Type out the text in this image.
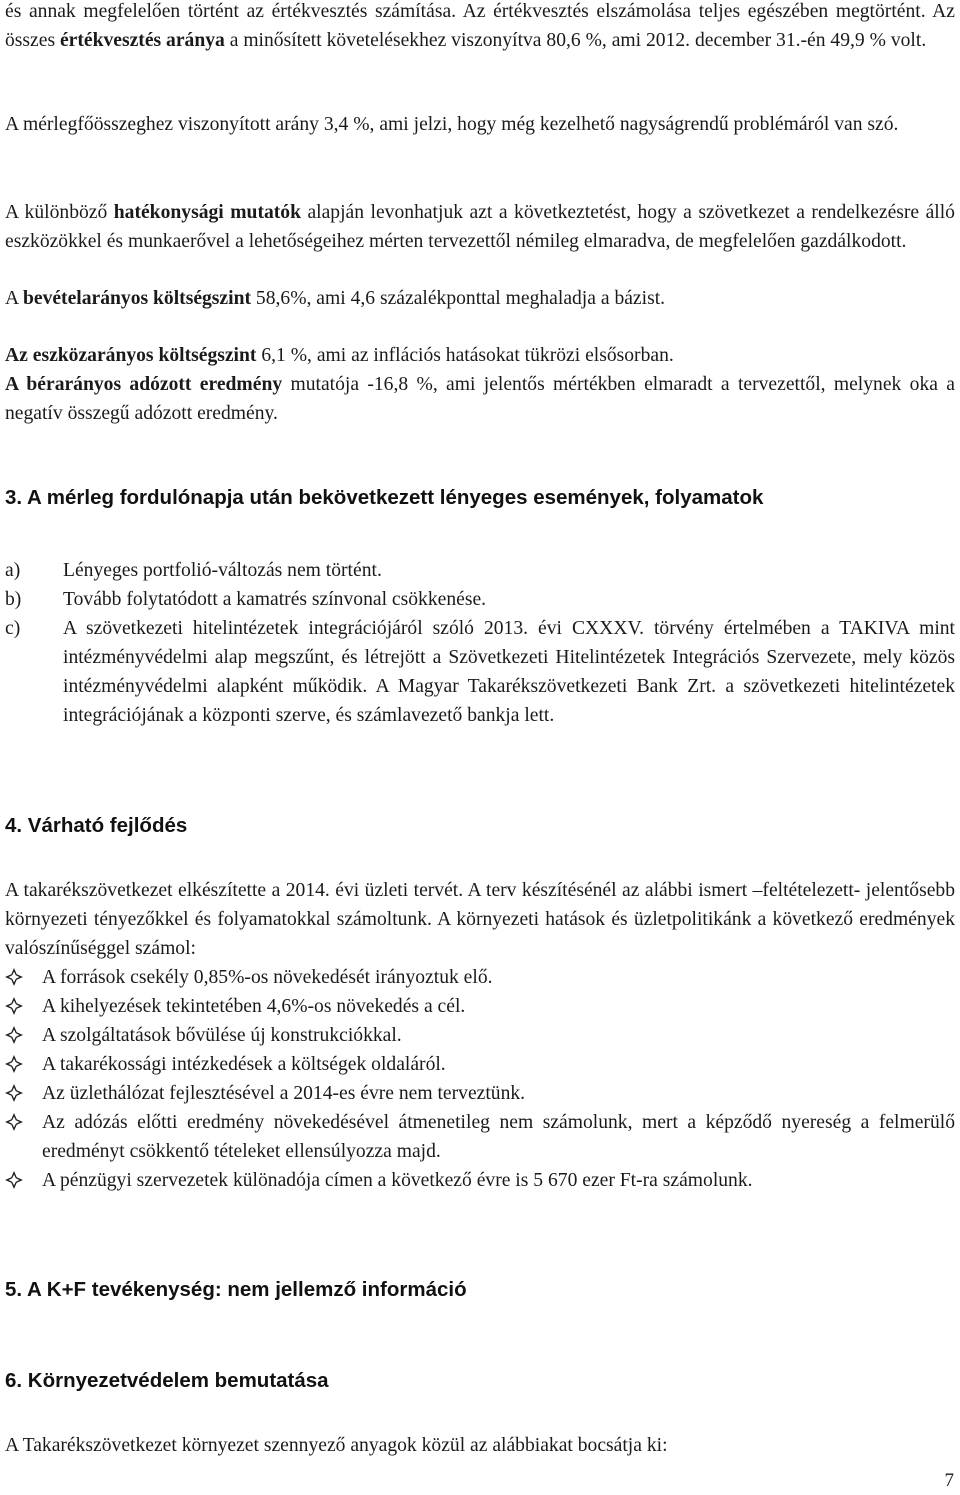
és annak megfelelően történt az értékvesztés számítása. Az értékvesztés elszámolása teljes egészében megtörtént. Az összes értékvesztés aránya a minősített követelésekhez viszonyítva 80,6 %, ami 2012. december 31.-én 49,9 % volt.

A mérlegfőösszeghez viszonyított arány 3,4 %, ami jelzi, hogy még kezelhető nagyságrendű problémáról van szó.

A különböző hatékonysági mutatók alapján levonhatjuk azt a következtetést, hogy a szövetkezet a rendelkezésre álló eszközökkel és munkaerővel a lehetőségeihez mérten tervezettől némileg elmaradva, de megfelelően gazdálkodott.

A bevételarányos költségszint 58,6%, ami 4,6 százalékponttal meghaladja a bázist.

Az eszközarányos költségszint 6,1 %, ami az inflációs hatásokat tükrözi elsősorban.

A bérarányos adózott eredmény mutatója -16,8 %, ami jelentős mértékben elmaradt a tervezettől, melynek oka a negatív összegű adózott eredmény.

3. A mérleg fordulónapja után bekövetkezett lényeges események, folyamatok
a) Lényeges portfolió-változás nem történt.
b) Tovább folytatódott a kamatrés színvonal csökkenése.
c) A szövetkezeti hitelintézetek integrációjáról szóló 2013. évi CXXXV. törvény értelmében a TAKIVA mint intézményvédelmi alap megszűnt, és létrejött a Szövetkezeti Hitelintézetek Integrációs Szervezete, mely közös intézményvédelmi alapként működik. A Magyar Takarékszövetkezeti Bank Zrt. a szövetkezeti hitelintézetek integrációjának a központi szerve, és számlavezető bankja lett.
4. Várható fejlődés

A takarékszövetkezet elkészítette a 2014. évi üzleti tervét. A terv készítésénél az alábbi ismert –feltételezett- jelentősebb környezeti tényezőkkel és folyamatokkal számoltunk. A környezeti hatások és üzletpolitikánk a következő eredmények valószínűséggel számol:

A források csekély 0,85%-os növekedését irányoztuk elő.
A kihelyezések tekintetében 4,6%-os növekedés a cél.
A szolgáltatások bővülése új konstrukciókkal.
A takarékossági intézkedések a költségek oldaláról.
Az üzlethálózat fejlesztésével a 2014-es évre nem terveztünk.
Az adózás előtti eredmény növekedésével átmenetileg nem számolunk, mert a képződő nyereség a felmerülő eredményt csökkentő tételeket ellensúlyozza majd.
A pénzügyi szervezetek különadója címen a következő évre is 5 670 ezer Ft-ra számolunk.
5. A K+F tevékenység: nem jellemző információ
6. Környezetvédelem bemutatása

A Takarékszövetkezet környezet szennyező anyagok közül az alábbiakat bocsátja ki:

7
